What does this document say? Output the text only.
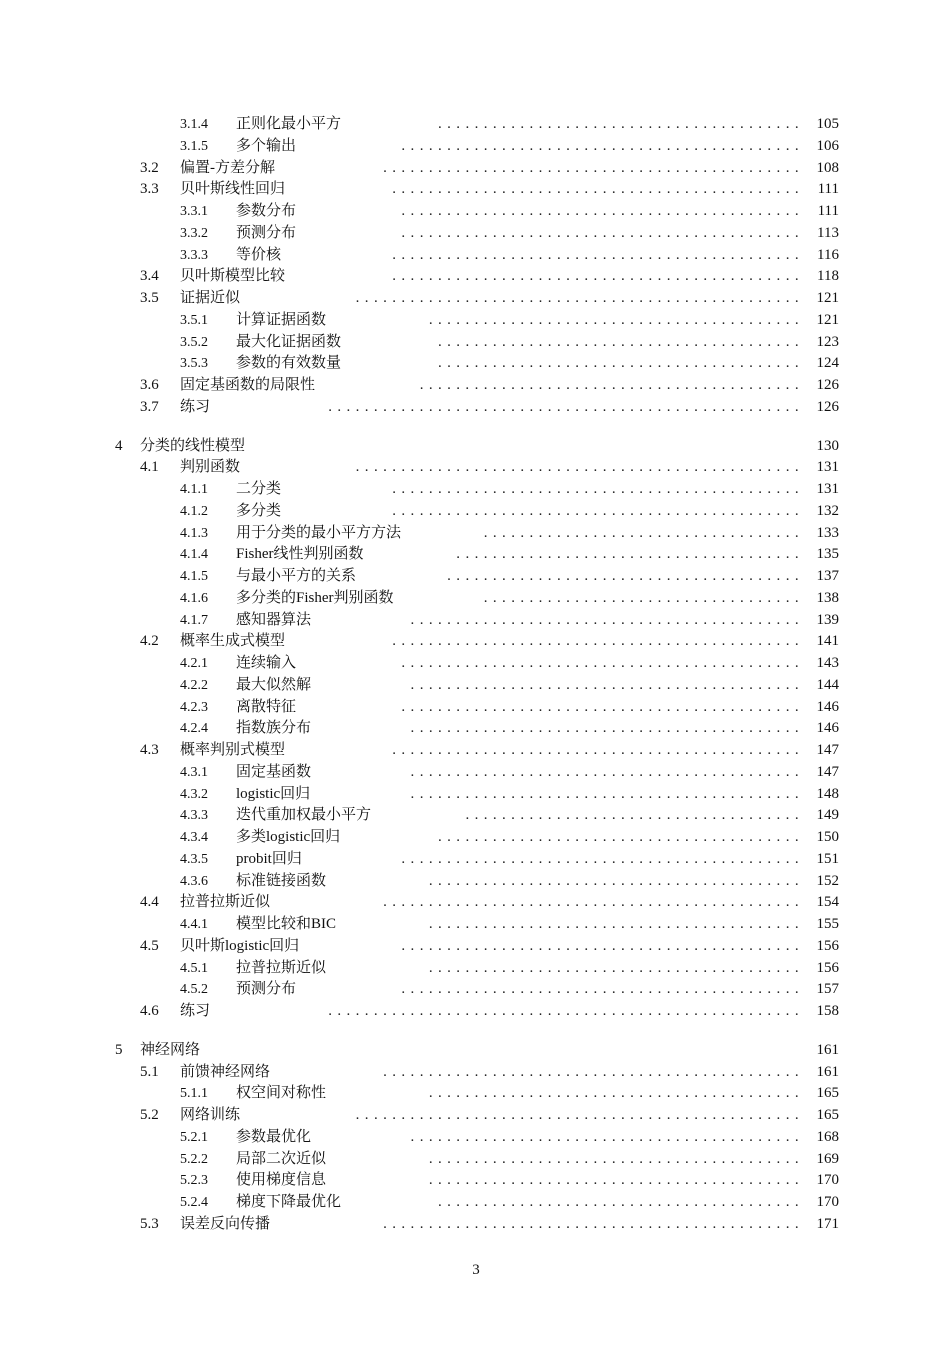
3.1.4 正则化最小平方	........................................ 105
3.1.5 多个输出	............................................ 106
3.2 偏置-方差分解	.............................................. 108
3.3 贝叶斯线性回归	............................................. 111
3.3.1 参数分布	............................................ 111
3.3.2 预测分布	............................................ 113
3.3.3 等价核	............................................. 116
3.4 贝叶斯模型比较	............................................. 118
3.5 证据近似	................................................. 121
3.5.1 计算证据函数	......................................... 121
3.5.2 最大化证据函数	........................................ 123
3.5.3 参数的有效数量	........................................ 124
3.6 固定基函数的局限性	.......................................... 126
3.7 练习	.................................................... 126
4 分类的线性模型	130
4.1 判别函数	................................................. 131
4.1.1 二分类	............................................. 131
4.1.2 多分类	............................................. 132
4.1.3 用于分类的最小平方方法	................................... 133
4.1.4 Fisher线性判别函数	...................................... 135
4.1.5 与最小平方的关系	....................................... 137
4.1.6 多分类的Fisher判别函数	................................... 138
4.1.7 感知器算法	........................................... 139
4.2 概率生成式模型	............................................. 141
4.2.1 连续输入	............................................ 143
4.2.2 最大似然解	........................................... 144
4.2.3 离散特征	............................................ 146
4.2.4 指数族分布	........................................... 146
4.3 概率判别式模型	............................................. 147
4.3.1 固定基函数	........................................... 147
4.3.2 logistic回归	........................................... 148
4.3.3 迭代重加权最小平方	..................................... 149
4.3.4 多类logistic回归	........................................ 150
4.3.5 probit回归	............................................ 151
4.3.6 标准链接函数	......................................... 152
4.4 拉普拉斯近似	.............................................. 154
4.4.1 模型比较和BIC	......................................... 155
4.5 贝叶斯logistic回归	............................................ 156
4.5.1 拉普拉斯近似	......................................... 156
4.5.2 预测分布	............................................ 157
4.6 练习	.................................................... 158
5 神经网络	161
5.1 前馈神经网络	.............................................. 161
5.1.1 权空间对称性	......................................... 165
5.2 网络训练	................................................. 165
5.2.1 参数最优化	........................................... 168
5.2.2 局部二次近似	......................................... 169
5.2.3 使用梯度信息	......................................... 170
5.2.4 梯度下降最优化	........................................ 170
5.3 误差反向传播	.............................................. 171
3
